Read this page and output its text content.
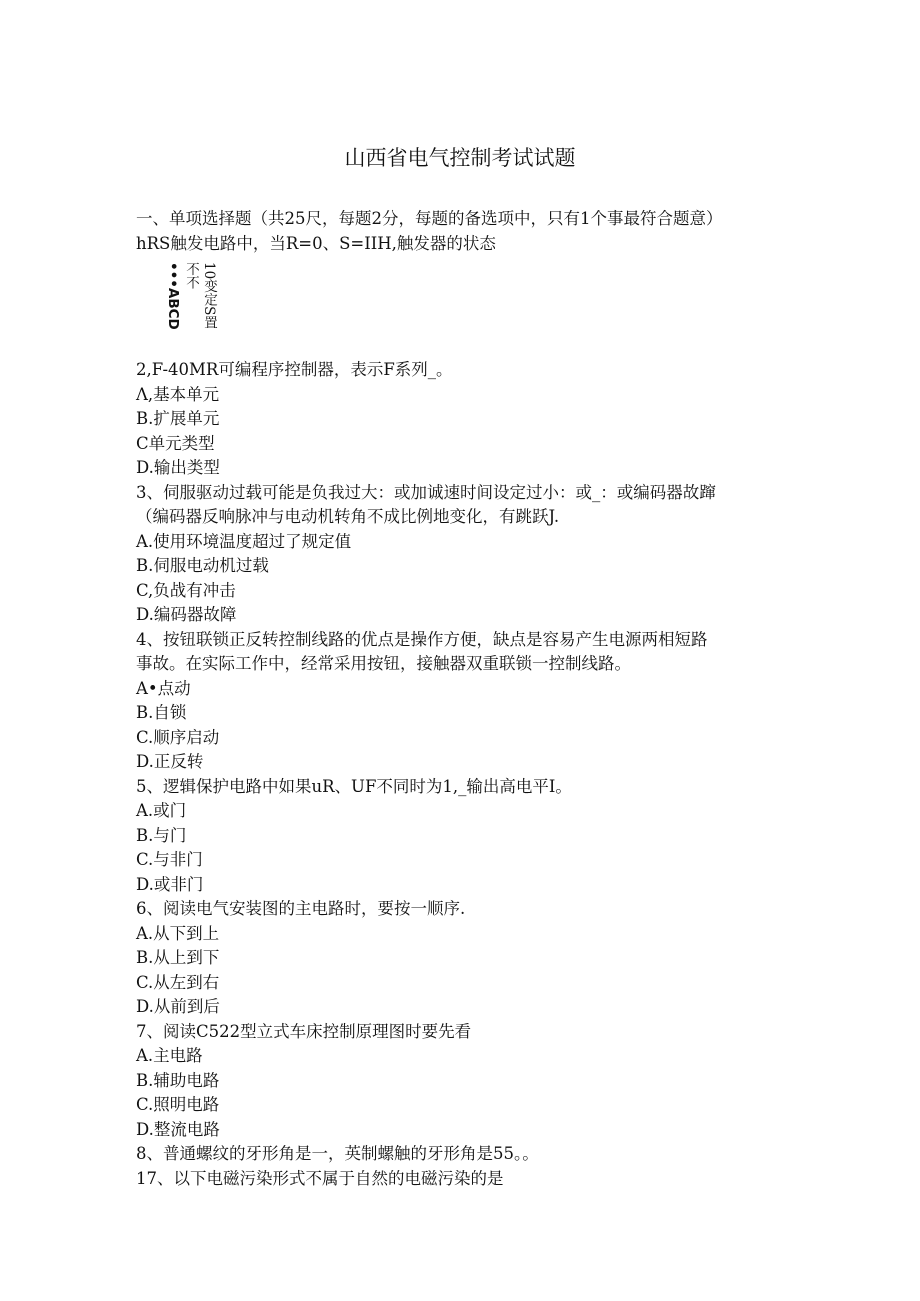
山西省电气控制考试试题
一、单项选择题（共25尺，每题2分，每题的备选项中，只有1个事最符合题意）
hRS触发电路中，当R=0、S=IIH,触发器的状态
•••ABCD 不不 10变定S置
2,F-40MR可编程序控制器，表示F系列_。
Λ,基本单元
B.扩展单元
C单元类型
D.输出类型
3、伺服驱动过载可能是负我过大：或加诚速时间设定过小：或_：或编码器故蹿
（编码器反响脉冲与电动机转角不成比例地变化，有跳跃J.
A.使用环境温度超过了规定值
B.伺服电动机过载
C,负战有冲击
D.编码器故障
4、按钮联锁正反转控制线路的优点是操作方便，缺点是容易产生电源两相短路
事故。在实际工作中，经常采用按钮，接触器双重联锁一控制线路。
A•点动
B.自锁
C.顺序启动
D.正反转
5、逻辑保护电路中如果uR、UF不同时为1,_输出高电平I。
A.或门
B.与门
C.与非门
D.或非门
6、阅读电气安装图的主电路时，要按一顺序.
A.从下到上
B.从上到下
C.从左到右
D.从前到后
7、阅读C522型立式车床控制原理图时要先看
A.主电路
B.辅助电路
C.照明电路
D.整流电路
8、普通螺纹的牙形角是一，英制螺触的牙形角是55。。
17、以下电磁污染形式不属于自然的电磁污染的是
